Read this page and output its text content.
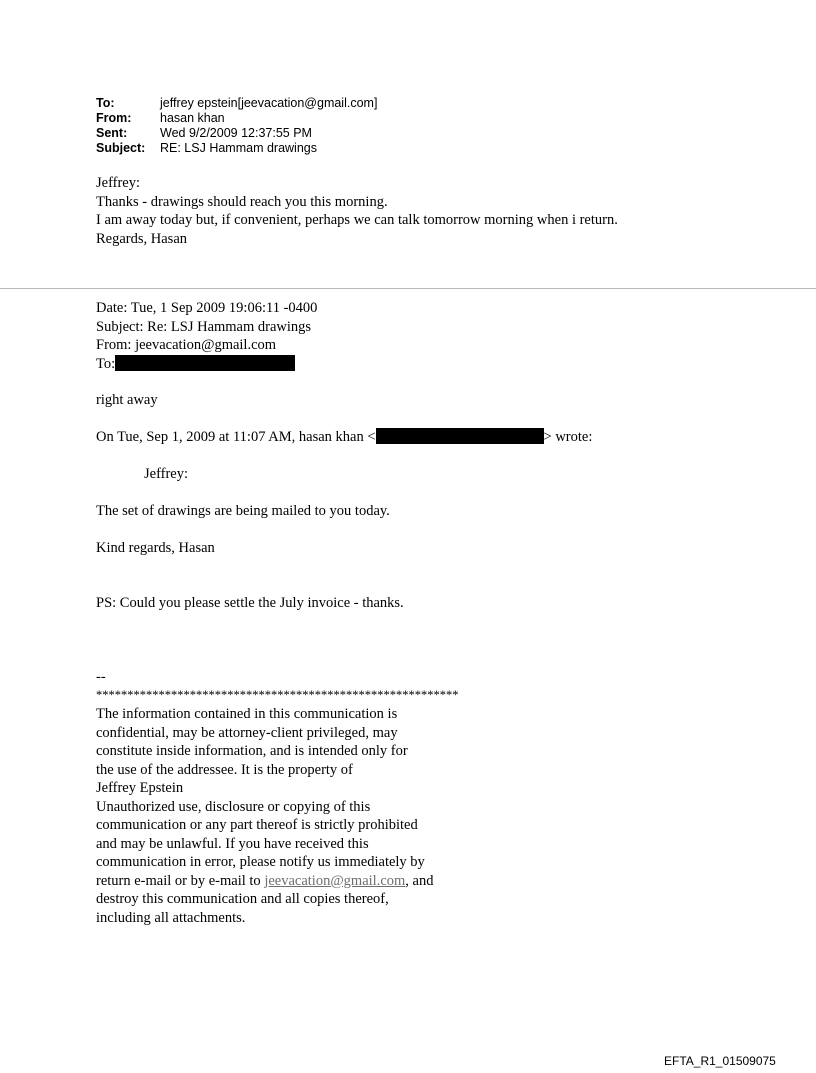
To:	jeffrey epstein[jeevacation@gmail.com]
From:	hasan khan
Sent:	Wed 9/2/2009 12:37:55 PM
Subject:	RE: LSJ Hammam drawings
Jeffrey:
Thanks - drawings should reach you this morning.
I am away today but, if convenient, perhaps we can talk tomorrow morning when i return.
Regards, Hasan
Date: Tue, 1 Sep 2009 19:06:11 -0400
Subject: Re: LSJ Hammam drawings
From: jeevacation@gmail.com
To:
right away
On Tue, Sep 1, 2009 at 11:07 AM, hasan khan <	> wrote:
Jeffrey:
The set of drawings are being mailed to you today.
Kind regards, Hasan
PS: Could you please settle the July invoice - thanks.
--
**********************************************************
The information contained in this communication is
confidential, may be attorney-client privileged, may
constitute inside information, and is intended only for
the use of the addressee. It is the property of
Jeffrey Epstein
Unauthorized use, disclosure or copying of this
communication or any part thereof is strictly prohibited
and may be unlawful. If you have received this
communication in error, please notify us immediately by
return e-mail or by e-mail to jeevacation@gmail.com, and
destroy this communication and all copies thereof,
including all attachments.
EFTA_R1_01509075
